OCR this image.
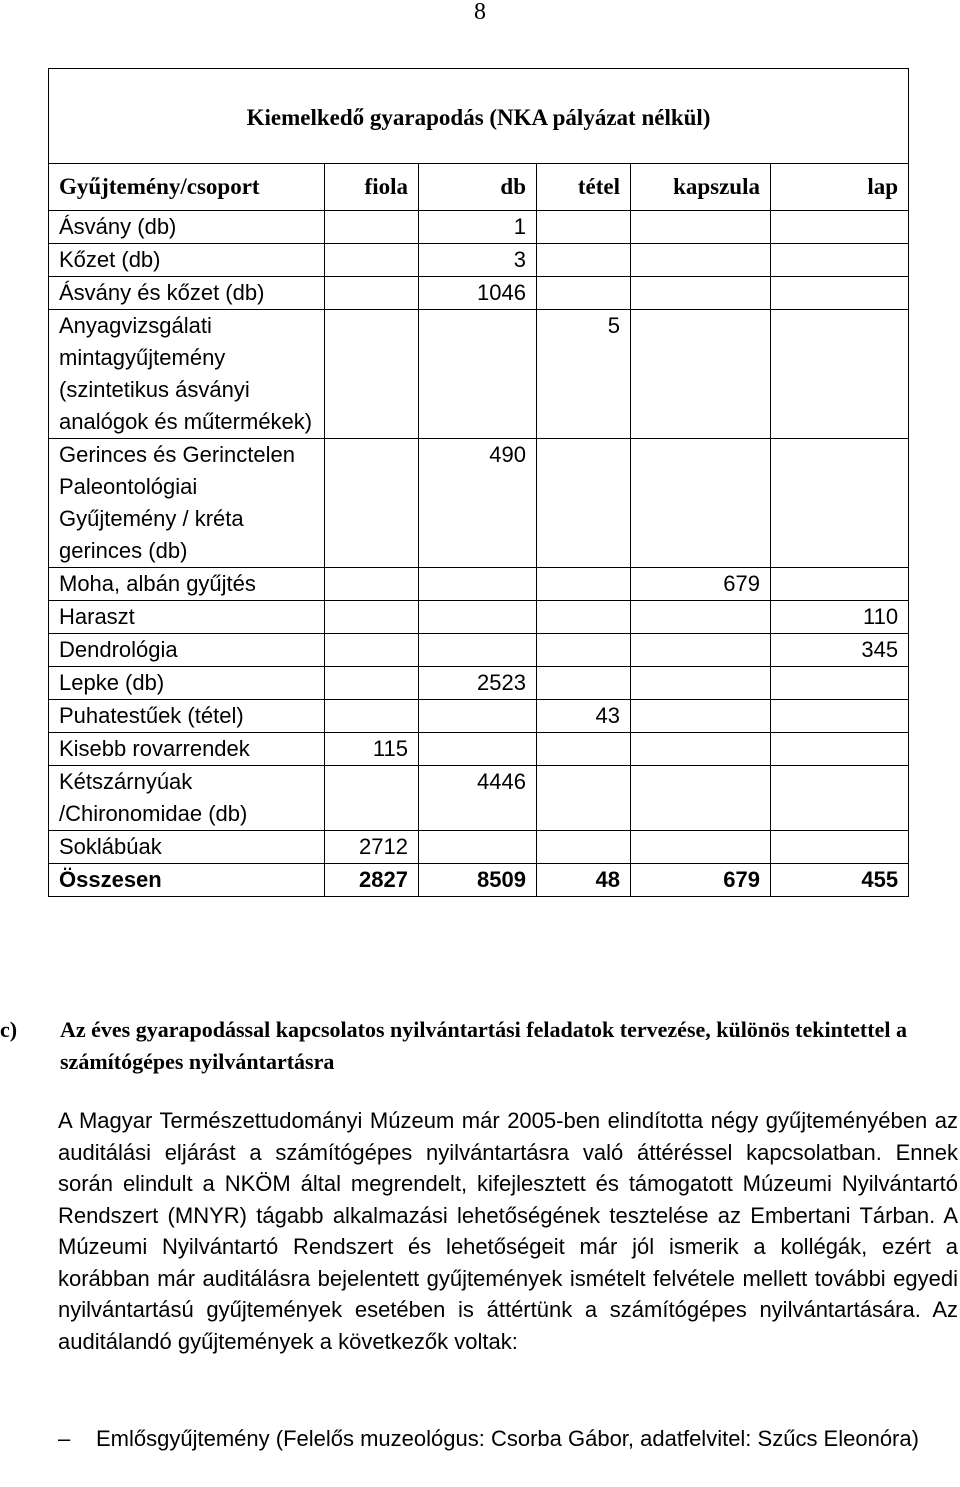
8
Kiemelkedő gyarapodás (NKA pályázat nélkül)					
Gyűjtemény/csoport	fiola	db	tétel	kapszula	lap
Ásvány (db)		1			
Kőzet (db)		3			
Ásvány és kőzet (db)		1046			
Anyagvizsgálati mintagyűjtemény (szintetikus ásványi analógok és műtermékek)			5		
Gerinces és Gerinctelen Paleontológiai Gyűjtemény / kréta gerinces (db)		490			
Moha, albán gyűjtés				679	
Haraszt					110
Dendrológia					345
Lepke (db)		2523			
Puhatestűek (tétel)			43		
Kisebb rovarrendek	115				
Kétszárnyúak /Chironomidae (db)		4446			
Soklábúak	2712				
Összesen	2827	8509	48	679	455
c) Az éves gyarapodással kapcsolatos nyilvántartási feladatok tervezése, különös tekintettel a számítógépes nyilvántartásra
A Magyar Természettudományi Múzeum már 2005-ben elindította négy gyűjteményében az auditálási eljárást a számítógépes nyilvántartásra való áttéréssel kapcsolatban. Ennek során elindult a NKÖM által megrendelt, kifejlesztett és támogatott Múzeumi Nyilvántartó Rendszert (MNYR) tágabb alkalmazási lehetőségének tesztelése az Embertani Tárban. A Múzeumi Nyilvántartó Rendszert és lehetőségeit már jól ismerik a kollégák, ezért a korábban már auditálásra bejelentett gyűjtemények ismételt felvétele mellett további egyedi nyilvántartású gyűjtemények esetében is áttértünk a számítógépes nyilvántartására. Az auditálandó gyűjtemények a következők voltak:
– Emlősgyűjtemény (Felelős muzeológus: Csorba Gábor, adatfelvitel: Szűcs Eleonóra)
